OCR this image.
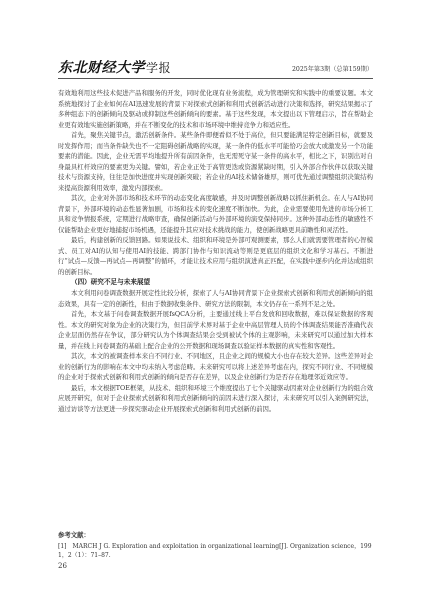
东北财经大学学报	2025年第3期（总第159期）

有效地利用这些技术促进产品和服务的开发，同时优化现有业务流程，成为管理研究和实践中的重要议题。本文系统地探讨了企业如何在AI迅速发展的背景下对探索式创新和利用式创新活动进行决策和选择，研究结果揭示了多种组态下的创新倾向及驱动或抑制这些创新倾向的要素。基于这些发现，本文提出以下管理启示，旨在帮助企业更有效地实施创新策略，并在不断变化的技术和市场环境中维持竞争力和适应性。

首先，聚焦关键节点，激活创新条件。某些条件即便看似不处于高位，但只要能满足特定创新目标，就要及时发挥作用；而当条件缺失也不一定阻碍创新战略的实现，某一条件的低水平可能恰巧会放大或激发另一个功能要素的潜能。因此，企业无需平均地提升所有前因条件，也无需死守某一条件的高水平，相比之下，识别出对自身最具杠杆效应的要素更为关键。譬如，若企业正处于高管更迭或资源紧缺时期，引入外部合作伙伴以获取关键技术与资源支持，往往是加快进度并实现创新突破；若企业的AI技术储备雄厚，则可优先通过调整组织决策结构来提高资源利用效率，激发内部探索。

其次，企业对外部市场和技术环节的动态变化高度敏感，并及时调整创新战略以抓住新机会。在人与AI协同背景下，外部环境的动态性显著加剧，市场和技术的变化速度不断加快。为此，企业需要使用先进的市场分析工具和竞争情报系统，定期进行战略审查，确保创新活动与外部环境的演变保持同步。这种外部动态性的敏感性不仅能帮助企业更好地捕捉市场机遇，还能提升其应对技术挑战的能力，使创新战略更具前瞻性和灵活性。

最后，构建创新的反馈回路。如果说技术、组织和环境是外部可观测要素，那么人们就需要管理者的心智模式、员工对AI的认知与使用AI的技能、跨部门协作与知识流动等则是更底层的组织文化和学习基石。不断进行“试点—反馈—再试点—再调整”的循环，才能让技术应用与组织演进真正匹配，在实践中逐步内化并达成组织的创新目标。

（四）研究不足与未来展望

本文利用问卷调查数据开展定性比较分析，探索了人与AI协同背景下企业探索式创新和利用式创新倾向的组态效果，具有一定的创新性，但由于数据收集条件、研究方法的限制，本文仍存在一系列不足之处。

首先，本文基于问卷调查数据开展fsQCA分析，主要通过线上平台发放和回收数据，难以保证数据的客观性。本文的研究对象为企业的决策行为，但目前学术界对基于企业中高层管理人员的个体调查结果能否准确代表企业层面仍然存在争议，部分研究认为个体调查结果会受到被试个体的主观影响，未来研究可以通过加大样本量，并在线上问卷调查的基础上配合企业的公开数据和现场调查以验证样本数据的真实性和客观性。

其次，本文的被调查样本来自不同行业、不同地区，且企业之间的规模大小也存在较大差异。这些差异对企业的创新行为的影响在本文中均未纳入考虑范畴。未来研究可以将上述差异考虑在内，探究不同行业、不同规模的企业对于探索式创新和利用式创新的倾向是否存在差异，以及企业创新行为是否存在地理邻近效应等。

最后，本文根据TOE框架，从技术、组织和环境三个维度提出了七个关键驱动因素对企业创新行为的组合效应展开研究，但对于企业探索式创新和利用式创新倾向的前因未进行深入探讨，未来研究可以引入案例研究法，通过访谈等方法更进一步探究驱动企业开展探索式创新和利用式创新的前因。

参考文献：
[1]　MARCH J G. Exploration and exploitation in organizational learning[J]. Organization science，1991，2（1）：71–87.
26
